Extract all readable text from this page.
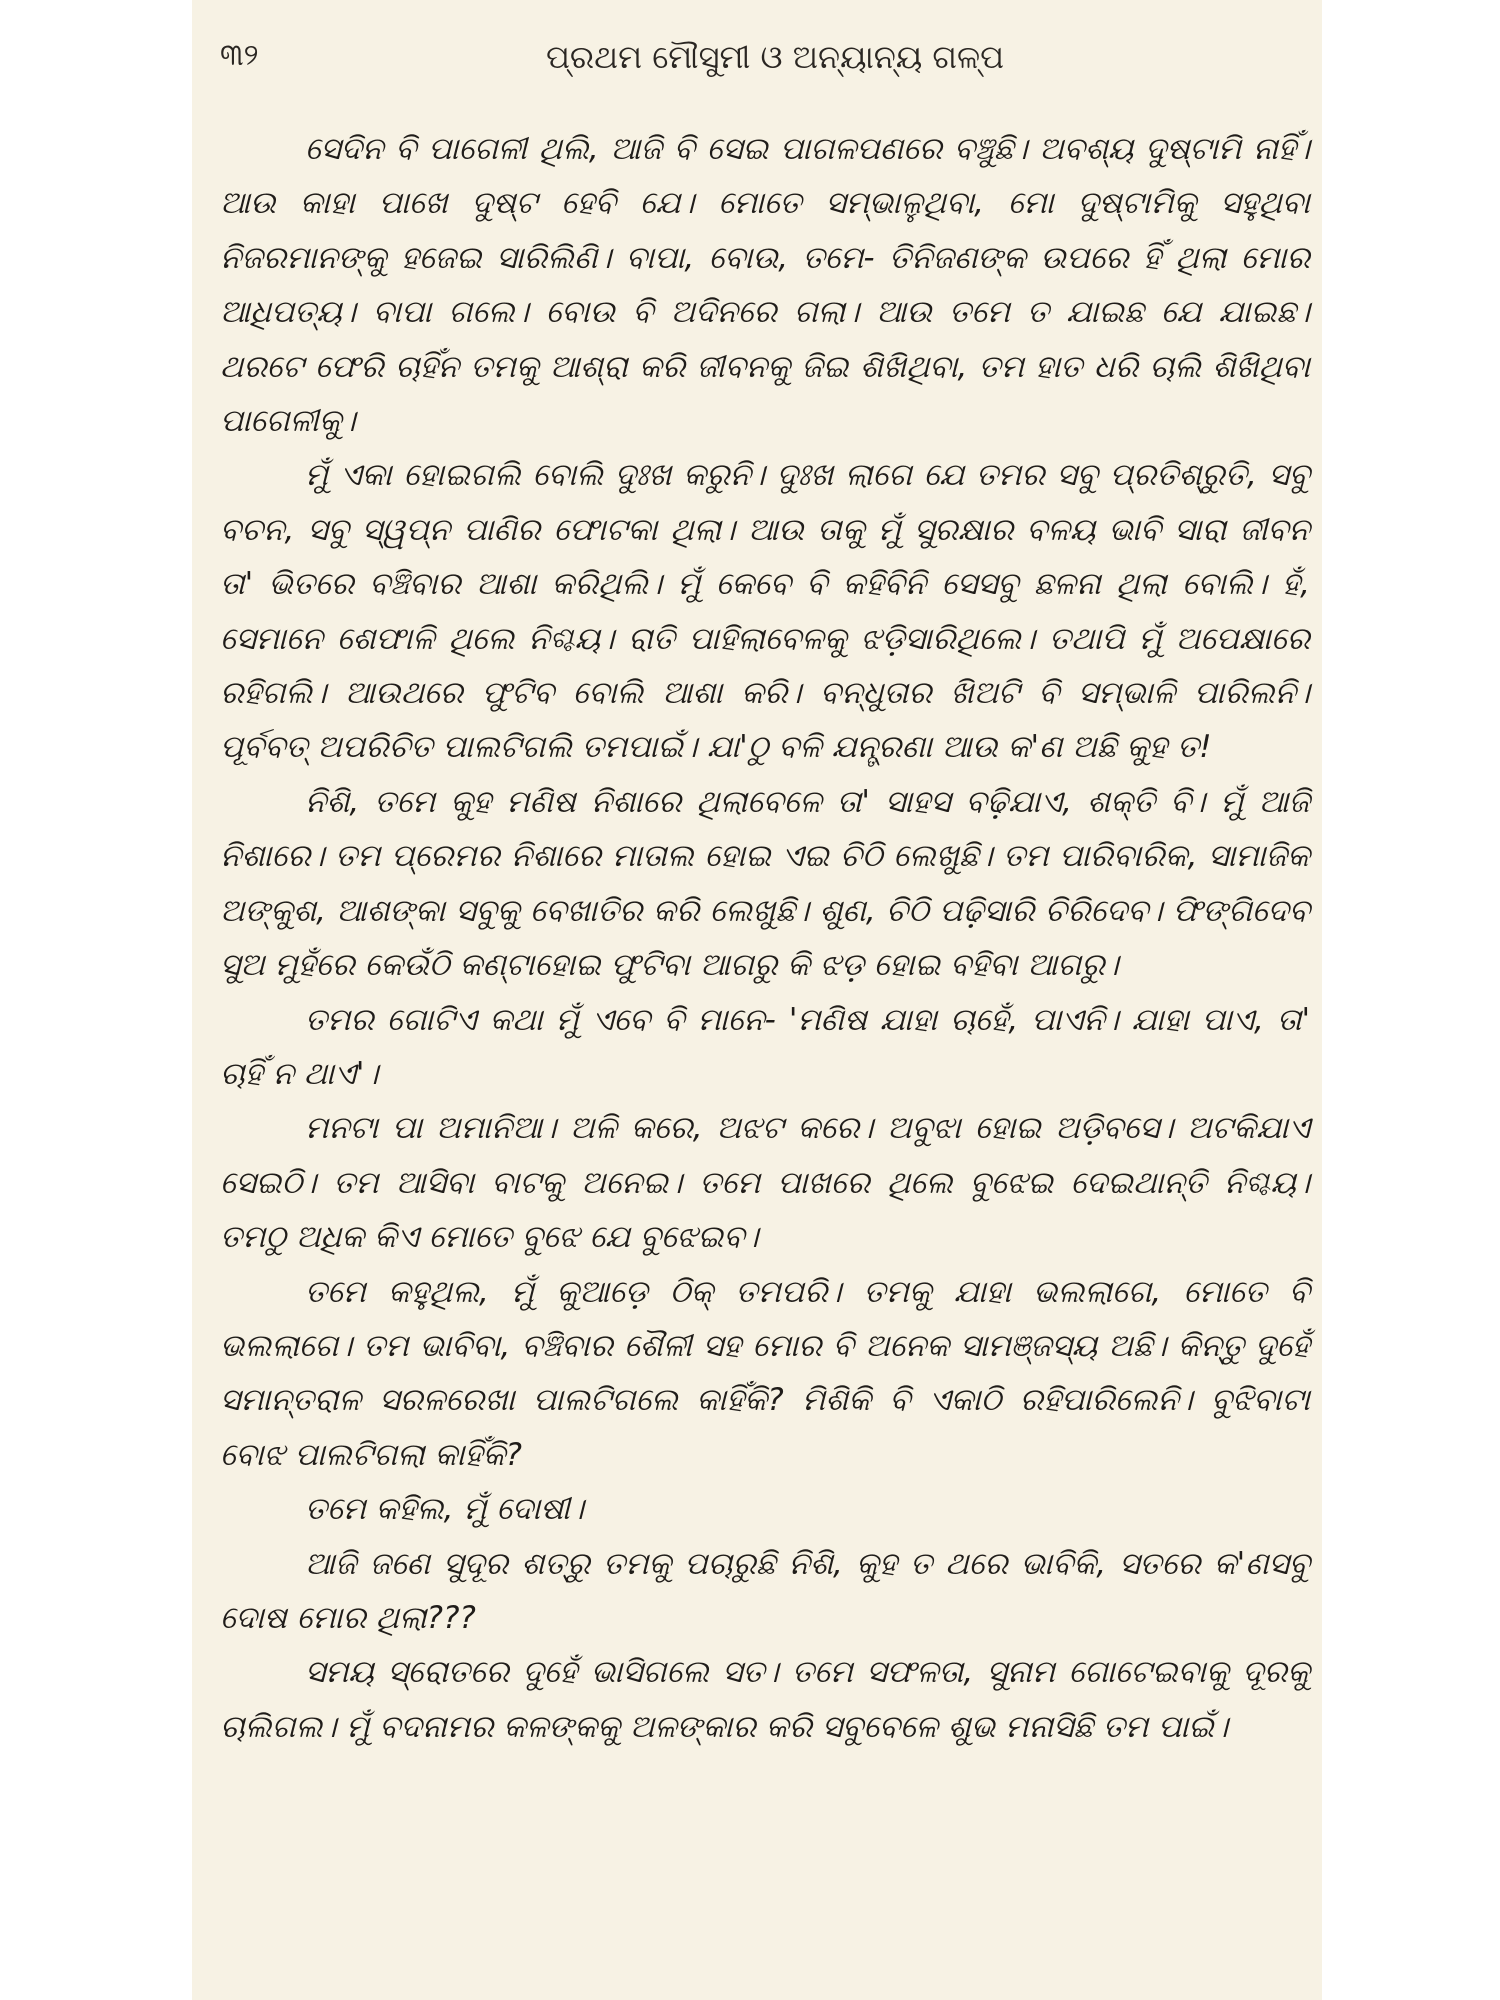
୩୨	ପ୍ରଥମ ମୌସୁମୀ ଓ ଅନ୍ୟାନ୍ୟ ଗଳ୍ପ

ସେଦିନ ବି ପାଗେଳୀ ଥିଲି, ଆଜି ବି ସେଇ ପାଗଳପଣରେ ବଞ୍ଚୁଛି। ଅବଶ୍ୟ ଦୁଷ୍ଟାମି ନାହିଁ। ଆଉ କାହା ପାଖେ ଦୁଷ୍ଟ ହେବି ଯେ। ମୋତେ ସମ୍ଭାଳୁଥିବା, ମୋ ଦୁଷ୍ଟାମିକୁ ସହୁଥିବା ନିଜରମାନଙ୍କୁ ହଜେଇ ସାରିଲିଣି। ବାପା, ବୋଉ, ତମେ- ତିନିଜଣଙ୍କ ଉପରେ ହିଁ ଥିଲା ମୋର ଆଧିପତ୍ୟ। ବାପା ଗଲେ। ବୋଉ ବି ଅଦିନରେ ଗଲା। ଆଉ ତମେ ତ ଯାଇଛ ଯେ ଯାଇଛ। ଥରଟେ ଫେରି ଚାହିଁନ ତମକୁ ଆଶ୍ରା କରି ଜୀବନକୁ ଜିଇ ଶିଖିଥିବା, ତମ ହାତ ଧରି ଚାଲି ଶିଖିଥିବା ପାଗେଳୀକୁ।

ମୁଁ ଏକା ହୋଇଗଲି ବୋଲି ଦୁଃଖ କରୁନି। ଦୁଃଖ ଲାଗେ ଯେ ତମର ସବୁ ପ୍ରତିଶ୍ରୁତି, ସବୁ ବଚନ, ସବୁ ସ୍ୱପ୍ନ ପାଣିର ଫୋଟକା ଥିଲା। ଆଉ ତାକୁ ମୁଁ ସୁରକ୍ଷାର ବଳୟ ଭାବି ସାରା ଜୀବନ ତା' ଭିତରେ ବଞ୍ଚିବାର ଆଶା କରିଥିଲି। ମୁଁ କେବେ ବି କହିବିନି ସେସବୁ ଛଳନା ଥିଲା ବୋଲି। ହଁ, ସେମାନେ ଶେଫାଳି ଥିଲେ ନିଶ୍ଚୟ। ରାତି ପାହିଲାବେଳକୁ ଝଡ଼ିସାରିଥିଲେ। ତଥାପି ମୁଁ ଅପେକ୍ଷାରେ ରହିଗଲି। ଆଉଥରେ ଫୁଟିବ ବୋଲି ଆଶା କରି। ବନ୍ଧୁତାର ଖିଅଟି ବି ସମ୍ଭାଳି ପାରିଲନି। ପୂର୍ବବତ୍ ଅପରିଚିତ ପାଲଟିଗଲି ତମପାଇଁ। ଯା'ଠୁ ବଳି ଯନ୍ତ୍ରଣା ଆଉ କ'ଣ ଅଛି କୁହ ତ!

ନିଶି, ତମେ କୁହ ମଣିଷ ନିଶାରେ ଥିଲାବେଳେ ତା' ସାହସ ବଢ଼ିଯାଏ, ଶକ୍ତି ବି। ମୁଁ ଆଜି ନିଶାରେ। ତମ ପ୍ରେମର ନିଶାରେ ମାତାଲ ହୋଇ ଏଇ ଚିଠି ଲେଖୁଛି। ତମ ପାରିବାରିକ, ସାମାଜିକ ଅଙ୍କୁଶ, ଆଶଙ୍କା ସବୁକୁ ବେଖାତିର କରି ଲେଖୁଛି। ଶୁଣ, ଚିଠି ପଢ଼ିସାରି ଚିରିଦେବ। ଫିଙ୍ଗିଦେବ ସୁଅ ମୁହଁରେ କେଉଁଠି କଣ୍ଟାହୋଇ ଫୁଟିବା ଆଗରୁ କି ଝଡ଼ ହୋଇ ବହିବା ଆଗରୁ।

ତମର ଗୋଟିଏ କଥା ମୁଁ ଏବେ ବି ମାନେ- 'ମଣିଷ ଯାହା ଚାହେଁ, ପାଏନି। ଯାହା ପାଏ, ତା' ଚାହିଁ ନ ଥାଏ'।

ମନଟା ପା ଅମାନିଆ। ଅଳି କରେ, ଅଝଟ କରେ। ଅବୁଝା ହୋଇ ଅଡ଼ିବସେ। ଅଟକିଯାଏ ସେଇଠି। ତମ ଆସିବା ବାଟକୁ ଅନେଇ। ତମେ ପାଖରେ ଥିଲେ ବୁଝେଇ ଦେଇଥାନ୍ତି ନିଶ୍ଚୟ। ତମଠୁ ଅଧିକ କିଏ ମୋତେ ବୁଝେ ଯେ ବୁଝେଇବ।

ତମେ କହୁଥିଲ, ମୁଁ କୁଆଡ଼େ ଠିକ୍ ତମପରି। ତମକୁ ଯାହା ଭଲଲାଗେ, ମୋତେ ବି ଭଲଲାଗେ। ତମ ଭାବିବା, ବଞ୍ଚିବାର ଶୈଳୀ ସହ ମୋର ବି ଅନେକ ସାମଞ୍ଜସ୍ୟ ଅଛି। କିନ୍ତୁ ଦୁହେଁ ସମାନ୍ତରାଳ ସରଳରେଖା ପାଲଟିଗଲେ କାହିଁକି? ମିଶିକି ବି ଏକାଠି ରହିପାରିଲେନି। ବୁଝିବାଟା ବୋଝ ପାଲଟିଗଲା କାହିଁକି?

ତମେ କହିଲ, ମୁଁ ଦୋଷୀ।

ଆଜି ଜଣେ ସୁଦୂର ଶତ୍ରୁ ତମକୁ ପଚାରୁଛି ନିଶି, କୁହ ତ ଥରେ ଭାବିକି, ସତରେ କ'ଣସବୁ ଦୋଷ ମୋର ଥିଲା???

ସମୟ ସ୍ରୋତରେ ଦୁହେଁ ଭାସିଗଲେ ସତ। ତମେ ସଫଳତା, ସୁନାମ ଗୋଟେଇବାକୁ ଦୂରକୁ ଚାଲିଗଲ। ମୁଁ ବଦନାମର କଳଙ୍କକୁ ଅଳଙ୍କାର କରି ସବୁବେଳେ ଶୁଭ ମନାସିଛି ତମ ପାଇଁ।
